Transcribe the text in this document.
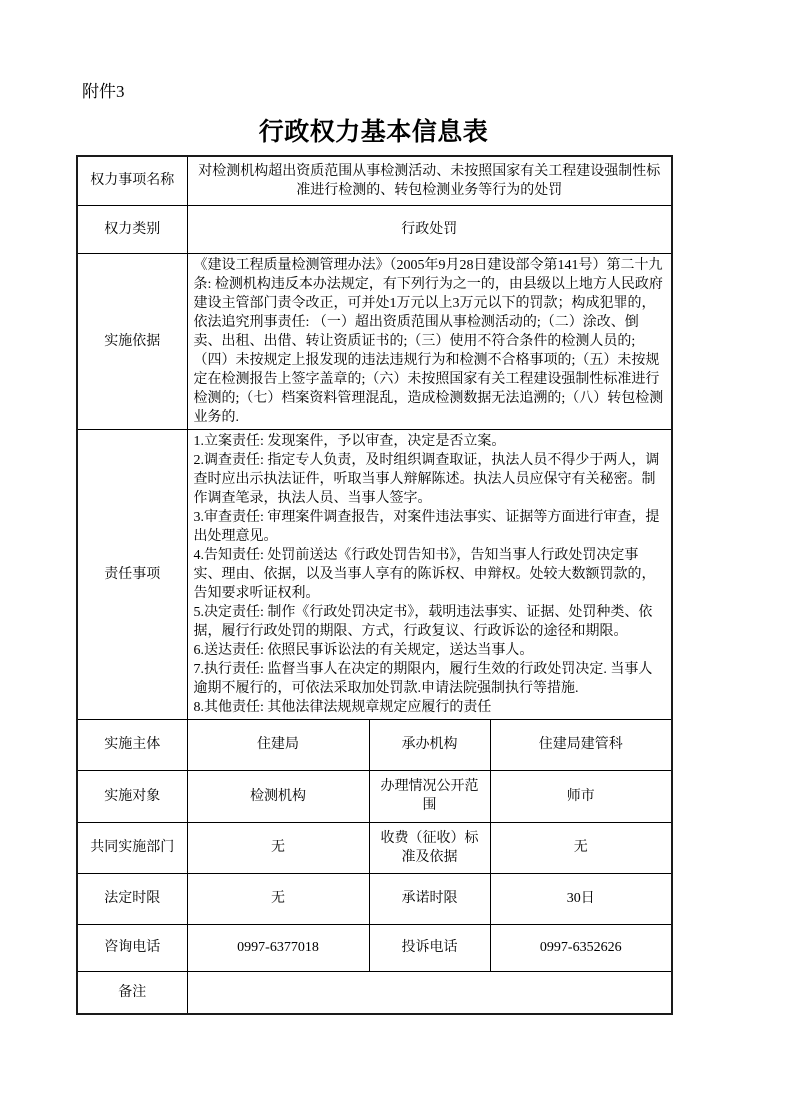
附件3
行政权力基本信息表
权力事项名称	对检测机构超出资质范围从事检测活动、未按照国家有关工程建设强制性标准进行检测的、转包检测业务等行为的处罚		
权力类别	行政处罚		
实施依据	《建设工程质量检测管理办法》（2005年9月28日建设部令第141号）第二十九条: 检测机构违反本办法规定，有下列行为之一的，由县级以上地方人民政府建设主管部门责令改正，可并处1万元以上3万元以下的罚款；构成犯罪的，依法追究刑事责任: （一）超出资质范围从事检测活动的;（二）涂改、倒卖、出租、出借、转让资质证书的;（三）使用不符合条件的检测人员的;（四）未按规定上报发现的违法违规行为和检测不合格事项的;（五）未按规定在检测报告上签字盖章的;（六）未按照国家有关工程建设强制性标准进行检测的;（七）档案资料管理混乱，造成检测数据无法追溯的;（八）转包检测业务的.		
责任事项	
1.立案责任: 发现案件，予以审查，决定是否立案。
2.调查责任: 指定专人负责，及时组织调查取证，执法人员不得少于两人，调查时应出示执法证件，听取当事人辩解陈述。执法人员应保守有关秘密。制作调查笔录，执法人员、当事人签字。
3.审查责任: 审理案件调查报告，对案件违法事实、证据等方面进行审查，提出处理意见。
4.告知责任: 处罚前送达《行政处罚告知书》，告知当事人行政处罚决定事实、理由、依据，以及当事人享有的陈诉权、申辩权。处较大数额罚款的，告知要求听证权利。
5.决定责任: 制作《行政处罚决定书》，载明违法事实、证据、处罚种类、依据，履行行政处罚的期限、方式，行政复议、行政诉讼的途径和期限。
6.送达责任: 依照民事诉讼法的有关规定，送达当事人。
7.执行责任: 监督当事人在决定的期限内，履行生效的行政处罚决定. 当事人逾期不履行的，可依法采取加处罚款.申请法院强制执行等措施.
8.其他责任: 其他法律法规规章规定应履行的责任

实施主体	住建局	承办机构	住建局建管科
实施对象	检测机构	办理情况公开范围	师市
共同实施部门	无	收费（征收）标准及依据	无
法定时限	无	承诺时限	30日
咨询电话	0997-6377018	投诉电话	0997-6352626
备注			
